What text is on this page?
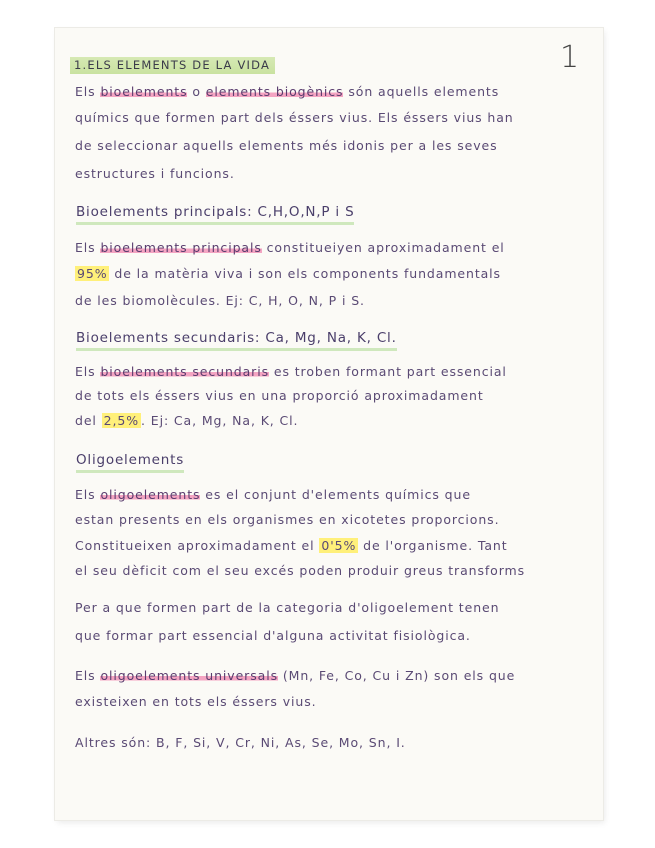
1
1.ELS ELEMENTS DE LA VIDA
Els bioelements o elements biogènics són aquells elements
químics que formen part dels éssers vius. Els éssers vius han
de seleccionar aquells elements més idonis per a les seves
estructures i funcions.
Bioelements principals: C,H,O,N,P i S
Els bioelements principals constitueiyen aproximadament el
95% de la matèria viva i son els components fundamentals
de les biomolècules. Ej: C, H, O, N, P i S.
Bioelements secundaris: Ca, Mg, Na, K, Cl.
Els bioelements secundaris es troben formant part essencial
de tots els éssers vius en una proporció aproximadament
del 2,5% . Ej: Ca, Mg, Na, K, Cl.
Oligoelements
Els oligoelements es el conjunt d'elements químics que
estan presents en els organismes en xicotetes proporcions.
Constitueixen aproximadament el 0'5% de l'organisme. Tant
el seu dèficit com el seu excés poden produir greus transforms
Per a que formen part de la categoria d'oligoelement tenen
que formar part essencial d'alguna activitat fisiològica.
Els oligoelements universals (Mn, Fe, Co, Cu i Zn) son els que
existeixen en tots els éssers vius.
Altres són: B, F, Si, V, Cr, Ni, As, Se, Mo, Sn, I.
